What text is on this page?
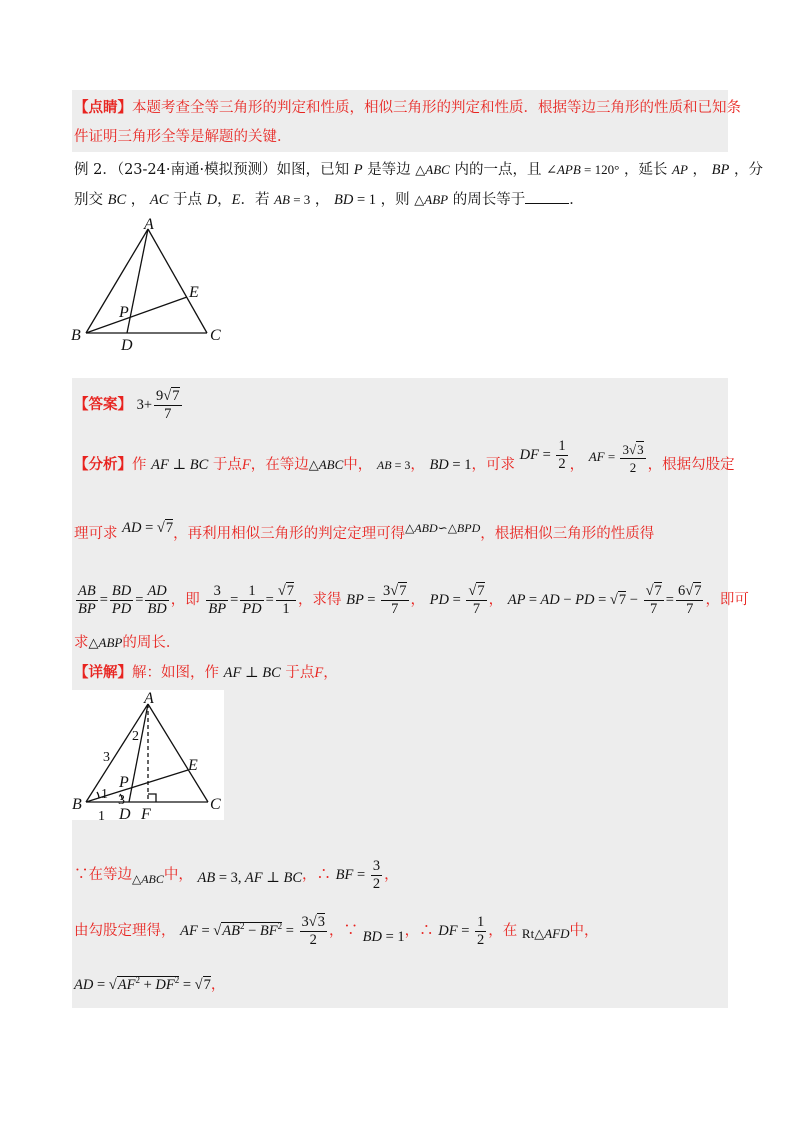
【点睛】本题考查全等三角形的判定和性质，相似三角形的判定和性质．根据等边三角形的性质和已知条
件证明三角形全等是解题的关键．
例 2．（23-24·南通·模拟预测）如图，已知 P 是等边 △ABC 内的一点，且 ∠APB = 120° ，延长 AP ， BP ，分
别交 BC ， AC 于点 D，E．若 AB = 3 ， BD = 1 ，则 △ABP 的周长等于	．
A
B	C
D
E
P
【答案】 $3+ \frac{9√7}{7}$
【分析】作 AF ⊥ BC 于点F，在等边△ABC中， AB = 3， BD = 1，可求 DF = $\frac{1}{2}$ ， AF = $\frac{3√3}{2}$ ，根据勾股定
理可求 AD = √7，再利用相似三角形的判定定理可得$^{\triangle ABD∽\triangle BPD}$，根据相似三角形的性质得
$\frac{AB}{BP} = \frac{BD}{PD} = \frac{AD}{BD}$ ，即 $\frac{3}{BP} = \frac{1}{PD} = \frac{√7}{1}$ ，求得 BP = $\frac{3√7}{7}$ ， PD = $\frac{√7}{7}$ ， AP = AD − PD = $√7 - \frac{√7}{7} = \frac{6√7}{7}$ ，即可
求△ABP的周长．
【详解】解：如图，作 AF ⊥ BC 于点F，
A
B	C
D
E
F
P
1
2
3
3
1
∵在等边$_{\triangle ABC}$中， AB = 3, AF ⊥ BC，∴ BF = $\frac{3}{2}$ ，
由勾股定理得， AF = $√AB^2 - BF^2 = \frac{3√3}{2}$ ，∵ BD = 1，∴ DF = $\frac{1}{2}$ ，在 Rt△AFD中，
AD = $√AF^2 + DF^2 = √7$，
